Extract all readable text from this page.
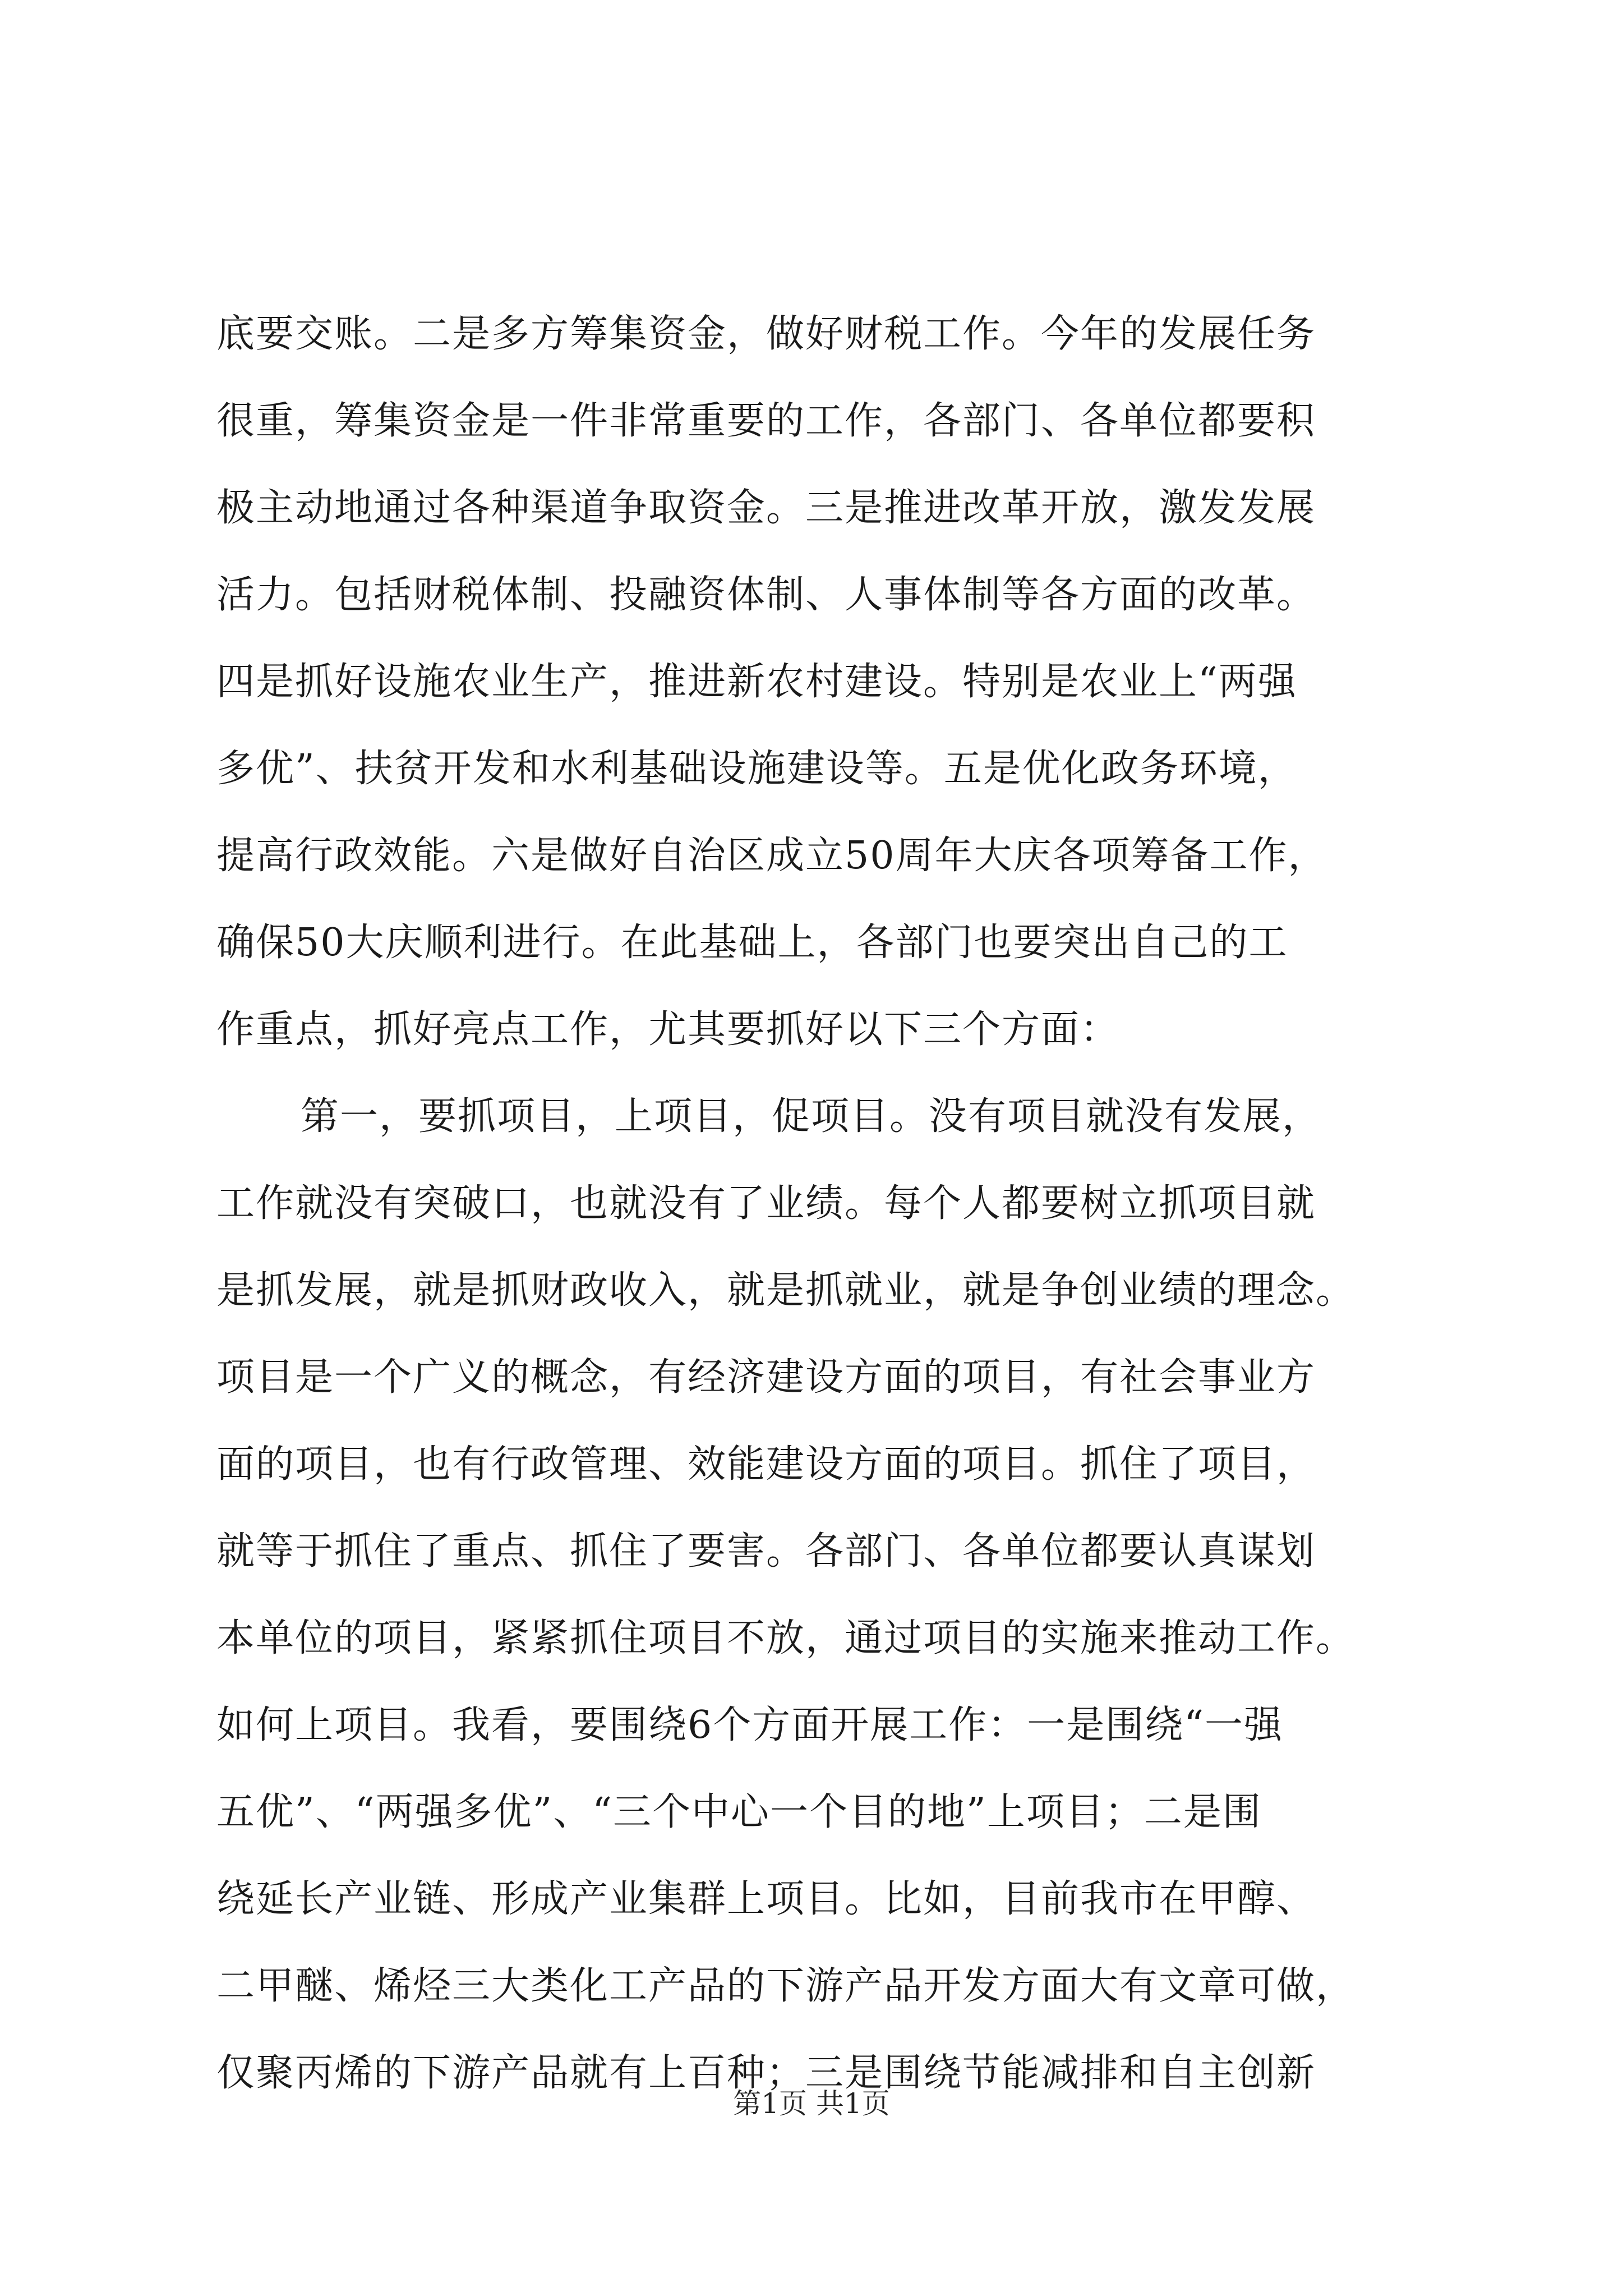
底要交账。二是多方筹集资金，做好财税工作。今年的发展任务
很重，筹集资金是一件非常重要的工作，各部门、各单位都要积
极主动地通过各种渠道争取资金。三是推进改革开放，激发发展
活力。包括财税体制、投融资体制、人事体制等各方面的改革。
四是抓好设施农业生产，推进新农村建设。特别是农业上“两强
多优”、扶贫开发和水利基础设施建设等。五是优化政务环境，
提高行政效能。六是做好自治区成立50周年大庆各项筹备工作，
确保50大庆顺利进行。在此基础上，各部门也要突出自己的工
作重点，抓好亮点工作，尤其要抓好以下三个方面：
第一，要抓项目，上项目，促项目。没有项目就没有发展，
工作就没有突破口，也就没有了业绩。每个人都要树立抓项目就
是抓发展，就是抓财政收入，就是抓就业，就是争创业绩的理念。
项目是一个广义的概念，有经济建设方面的项目，有社会事业方
面的项目，也有行政管理、效能建设方面的项目。抓住了项目，
就等于抓住了重点、抓住了要害。各部门、各单位都要认真谋划
本单位的项目，紧紧抓住项目不放，通过项目的实施来推动工作。
如何上项目。我看，要围绕6个方面开展工作：一是围绕“一强
五优”、“两强多优”、“三个中心一个目的地”上项目；二是围
绕延长产业链、形成产业集群上项目。比如，目前我市在甲醇、
二甲醚、烯烃三大类化工产品的下游产品开发方面大有文章可做，
仅聚丙烯的下游产品就有上百种；三是围绕节能减排和自主创新
第1页 共1页
